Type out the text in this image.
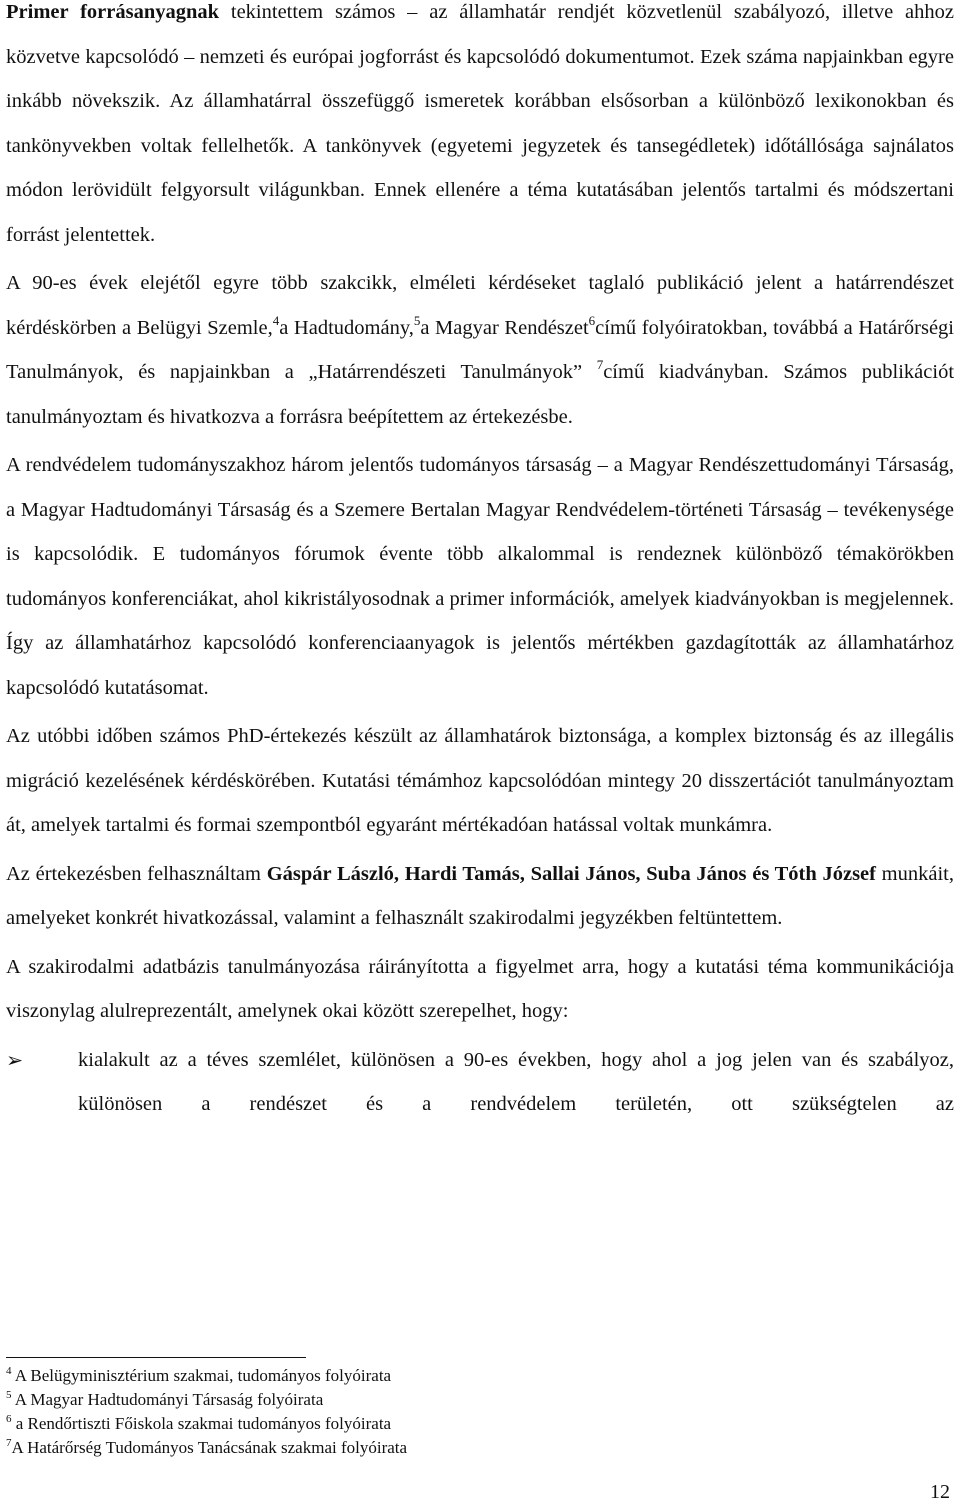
Primer forrásanyagnak tekintettem számos – az államhatár rendjét közvetlenül szabályozó, illetve ahhoz közvetve kapcsolódó – nemzeti és európai jogforrást és kapcsolódó dokumentumot. Ezek száma napjainkban egyre inkább növekszik. Az államhatárral összefüggő ismeretek korábban elsősorban a különböző lexikonokban és tankönyvekben voltak fellelhetők. A tankönyvek (egyetemi jegyzetek és tansegédletek) időtállósága sajnálatos módon lerövidült felgyorsult világunkban. Ennek ellenére a téma kutatásában jelentős tartalmi és módszertani forrást jelentettek.

A 90-es évek elejétől egyre több szakcikk, elméleti kérdéseket taglaló publikáció jelent a határrendészet kérdéskörben a Belügyi Szemle,$^4$a Hadtudomány,$^5$a Magyar Rendészet$^6$című folyóiratokban, továbbá a Határőrségi Tanulmányok, és napjainkban a „Határrendészeti Tanulmányok” $^7$című kiadványban. Számos publikációt tanulmányoztam és hivatkozva a forrásra beépítettem az értekezésbe.

A rendvédelem tudományszakhoz három jelentős tudományos társaság – a Magyar Rendészettudományi Társaság, a Magyar Hadtudományi Társaság és a Szemere Bertalan Magyar Rendvédelem-történeti Társaság – tevékenysége is kapcsolódik. E tudományos fórumok évente több alkalommal is rendeznek különböző témakörökben tudományos konferenciákat, ahol kikristályosodnak a primer információk, amelyek kiadványokban is megjelennek. Így az államhatárhoz kapcsolódó konferenciaanyagok is jelentős mértékben gazdagították az államhatárhoz kapcsolódó kutatásomat.

Az utóbbi időben számos PhD-értekezés készült az államhatárok biztonsága, a komplex biztonság és az illegális migráció kezelésének kérdéskörében. Kutatási témámhoz kapcsolódóan mintegy 20 disszertációt tanulmányoztam át, amelyek tartalmi és formai szempontból egyaránt mértékadóan hatással voltak munkámra.

Az értekezésben felhasználtam Gáspár László, Hardi Tamás, Sallai János, Suba János és Tóth József munkáit, amelyeket konkrét hivatkozással, valamint a felhasznált szakirodalmi jegyzékben feltüntettem.

A szakirodalmi adatbázis tanulmányozása ráirányította a figyelmet arra, hogy a kutatási téma kommunikációja viszonylag alulreprezentált, amelynek okai között szerepelhet, hogy:

➢	kialakult az a téves szemlélet, különösen a 90-es években, hogy ahol a jog jelen van és szabályoz, különösen a rendészet és a rendvédelem területén, ott szükségtelen az

$^4$ A Belügyminisztérium szakmai, tudományos folyóirata

$^5$ A Magyar Hadtudományi Társaság folyóirata

$^6$ a Rendőrtiszti Főiskola szakmai tudományos folyóirata

$^7$A Határőrség Tudományos Tanácsának szakmai folyóirata

12
